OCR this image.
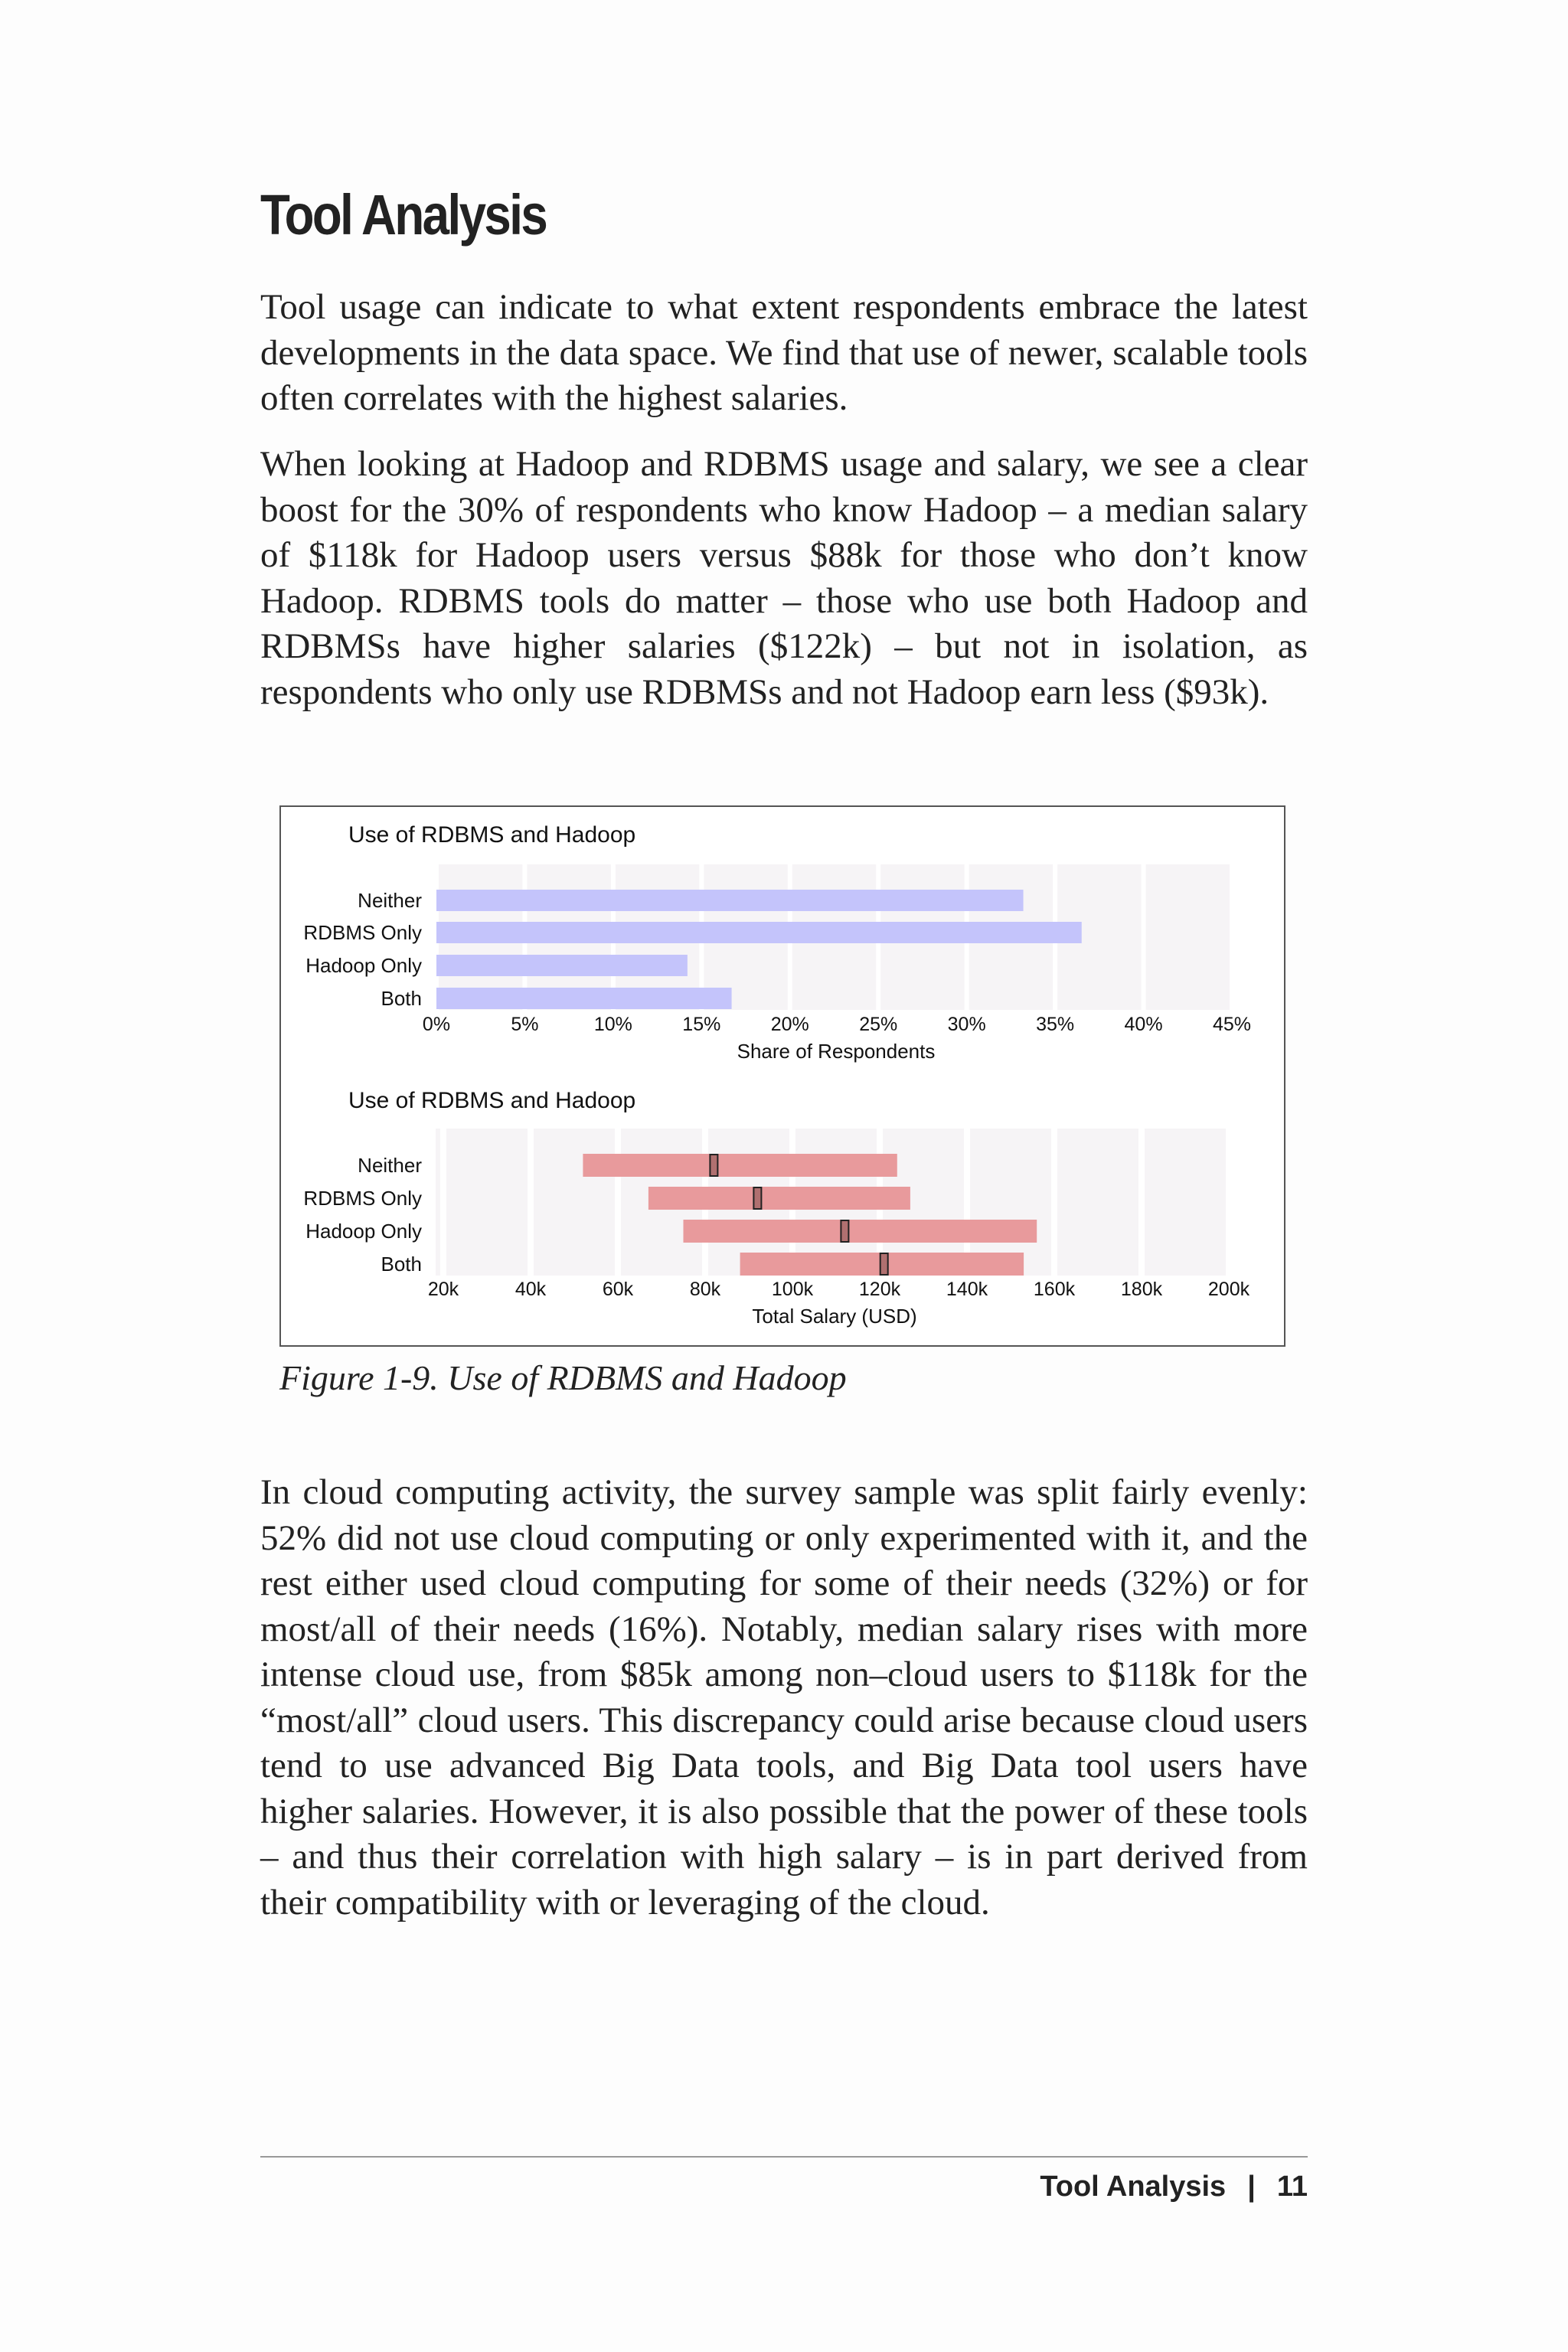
Tool Analysis

Tool usage can indicate to what extent respondents embrace the latest developments in the data space. We find that use of newer, scalable tools often correlates with the highest salaries.

When looking at Hadoop and RDBMS usage and salary, we see a clear boost for the 30% of respondents who know Hadoop – a median salary of $118k for Hadoop users versus $88k for those who don’t know Hadoop. RDBMS tools do matter – those who use both Hadoop and RDBMSs have higher salaries ($122k) – but not in isolation, as respondents who only use RDBMSs and not Hadoop earn less ($93k).

Use of RDBMS and Hadoop
Neither
RDBMS Only
Hadoop Only
Both
0%	5%	10%	15%	20%	25%	30%	35%	40%	45%
Share of Respondents
Use of RDBMS and Hadoop
Neither
RDBMS Only
Hadoop Only
Both
20k	40k	60k	80k	100k 120k 140k 160k 180k 200k
Total Salary (USD)

Figure 1-9. Use of RDBMS and Hadoop

In cloud computing activity, the survey sample was split fairly evenly: 52% did not use cloud computing or only experimented with it, and the rest either used cloud computing for some of their needs (32%) or for most/all of their needs (16%). Notably, median salary rises with more intense cloud use, from $85k among non–cloud users to $118k for the “most/all” cloud users. This discrepancy could arise because cloud users tend to use advanced Big Data tools, and Big Data tool users have higher salaries. However, it is also possible that the power of these tools – and thus their correlation with high salary – is in part derived from their compatibility with or leveraging of the cloud.

Tool Analysis | 11
